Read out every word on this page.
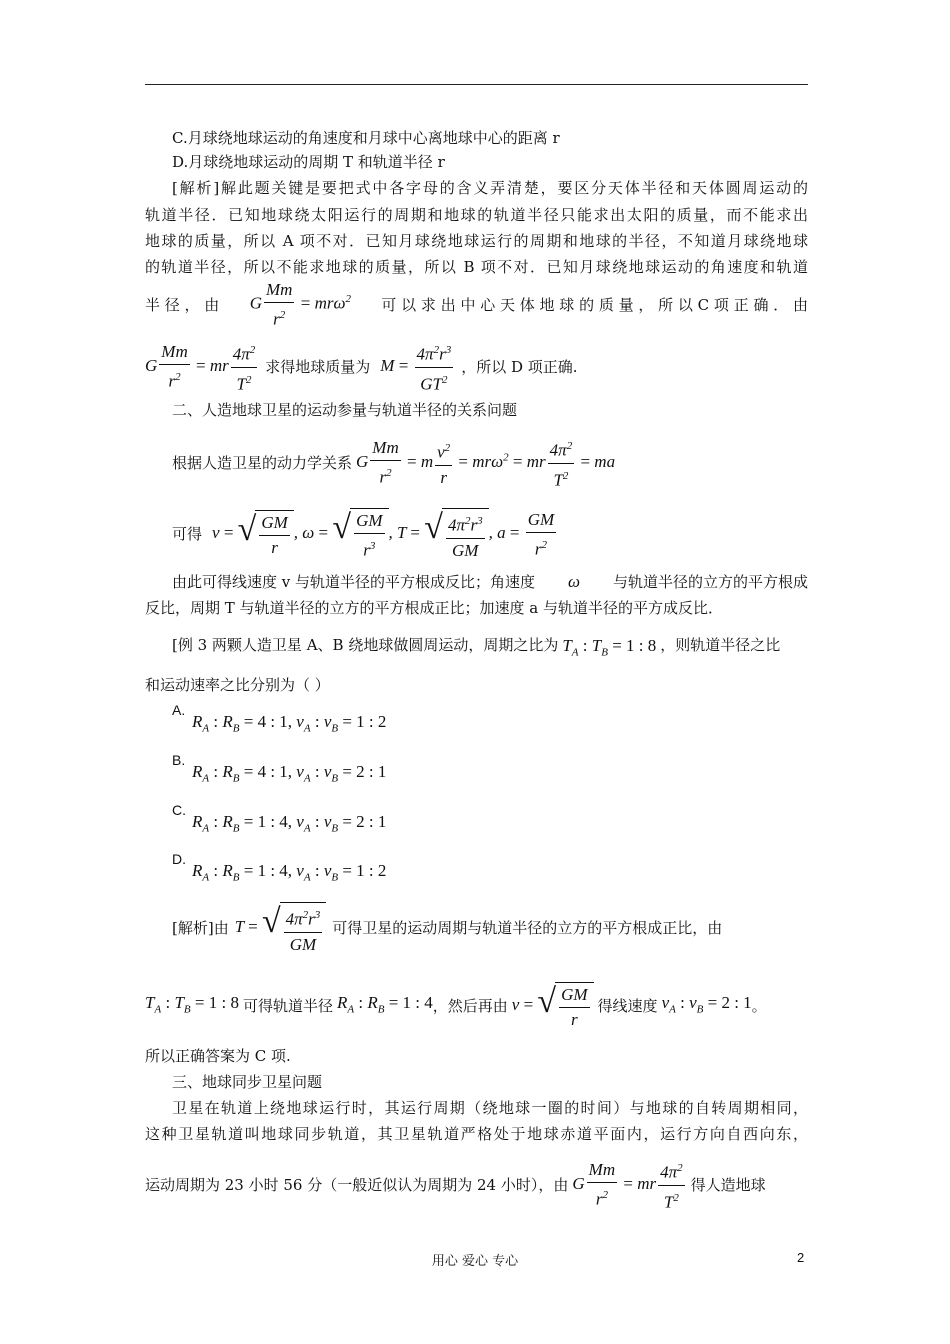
C.月球绕地球运动的角速度和月球中心离地球中心的距离 r
D.月球绕地球运动的周期 T 和轨道半径 r
[解析]解此题关键是要把式中各字母的含义弄清楚，要区分天体半径和天体圆周运动的
轨道半径．已知地球绕太阳运行的周期和地球的轨道半径只能求出太阳的质量，而不能求出
地球的质量，所以 A 项不对．已知月球绕地球运行的周期和地球的半径，不知道月球绕地球
的轨道半径，所以不能求地球的质量，所以 B 项不对．已知月球绕地球运动的角速度和轨道
半 径 ， 由 G $\frac{Mm}{r^2} = mr\omega^2$ 可 以 求 出 中 心 天 体 地 球 的 质 量 ， 所 以 C 项 正 确 ． 由
G $\frac{Mm}{r^2}$ = mr $\frac{4\pi^2}{T^2}$ 求得地球质量为 $M = \frac{4\pi^2r^3}{GT^2}$ ，所以 D 项正确.
二、人造地球卫星的运动参量与轨道半径的关系问题
根据人造卫星的动力学关系 G $\frac{Mm}{r^2} = m \frac{v^2}{r} = mr\omega^2$ = mr $\frac{4\pi^2}{T^2}$ = ma
可得 v = √ $\frac{GM}{r}$ , ω = √ $\frac{GM}{r^3}$ , T = √ $\frac{4\pi^2r^3}{GM}$ , $a = \frac{GM}{r^2}$
由此可得线速度 v 与轨道半径的平方根成反比；角速度 ω 与轨道半径的立方的平方根成
反比，周期 T 与轨道半径的立方的平方根成正比；加速度 a 与轨道半径的平方成反比．
[例 3 两颗人造卫星 A、B 绕地球做圆周运动，周期之比为 $T_A$ : $T_B = 1$ : 8 ，则轨道半径之比
和运动速率之比分别为（ ）
A.
$R_A$ : $R_B = 4$ : 1, $v_A$ : $v_B = 1$ : 2
B.
$R_A$ : $R_B = 4$ : 1, $v_A$ : $v_B = 2$ : 1
C.
$R_A$ : $R_B = 1$ : 4, $v_A$ : $v_B = 2$ : 1
D.
$R_A$ : $R_B = 1$ : 4, $v_A$ : $v_B = 1$ : 2
[解析]由 T = √ $\frac{4\pi^2r^3}{GM}$ 可得卫星的运动周期与轨道半径的立方的平方根成正比，由
$T_A$ : $T_B = 1$ : 8 可得轨道半径 $R_A$ : $R_B = 1$ : 4 ，然后再由 v = √ $\frac{GM}{r}$ 得线速度 $v_A$ : $v_B = 2$ : 1 。
所以正确答案为 C 项.
三、地球同步卫星问题
卫星在轨道上绕地球运行时，其运行周期（绕地球一圈的时间）与地球的自转周期相同，
这种卫星轨道叫地球同步轨道，其卫星轨道严格处于地球赤道平面内，运行方向自西向东，
运动周期为 23 小时 56 分（一般近似认为周期为 24 小时），由 G $\frac{Mm}{r^2}$ = mr $\frac{4\pi^2}{T^2}$ 得人造地球
用心 爱心 专心	2
